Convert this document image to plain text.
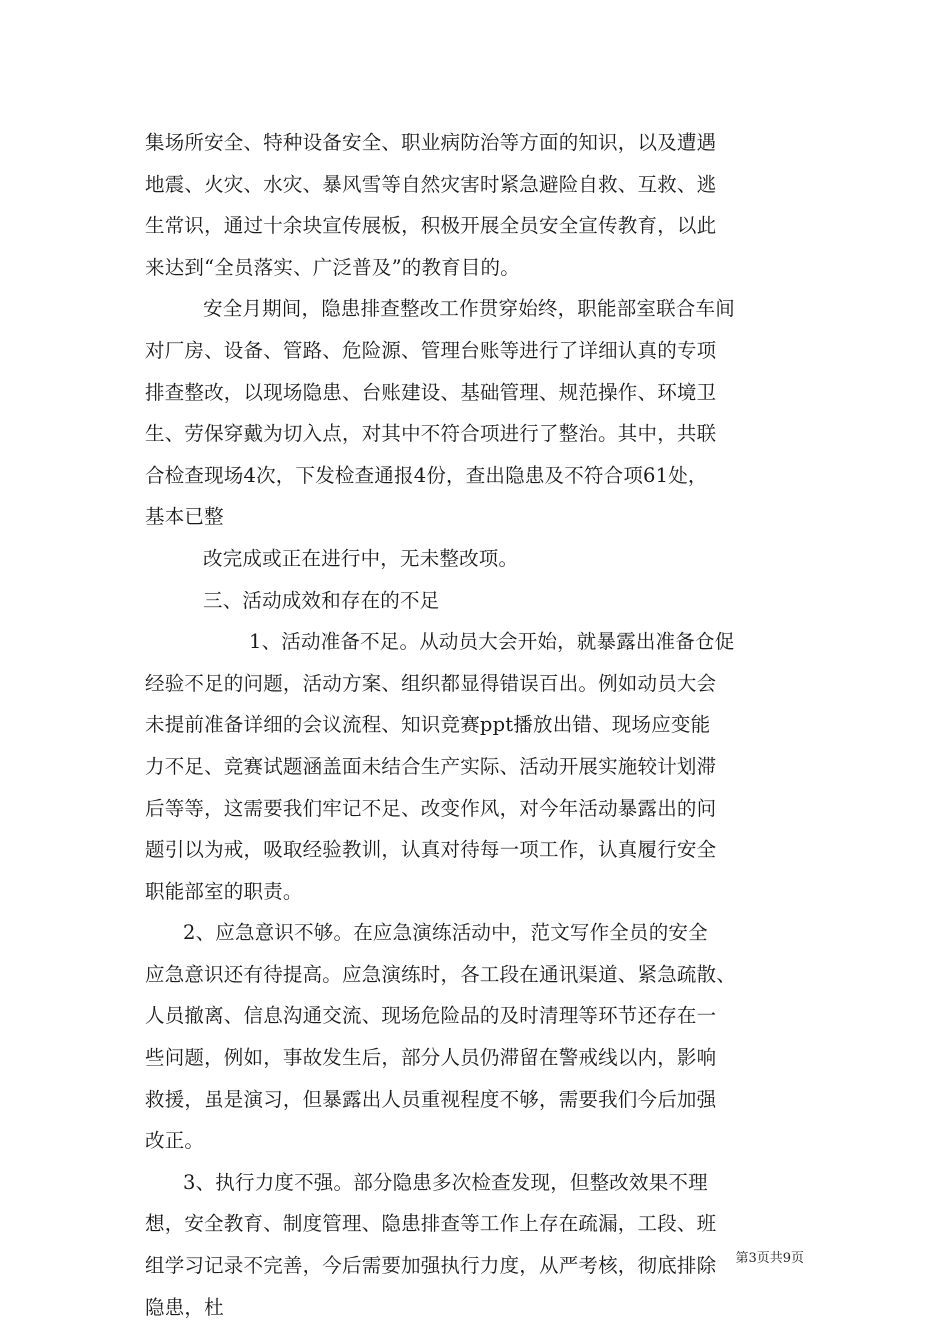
集场所安全、特种设备安全、职业病防治等方面的知识，以及遭遇
地震、火灾、水灾、暴风雪等自然灾害时紧急避险自救、互救、逃
生常识，通过十余块宣传展板，积极开展全员安全宣传教育，以此
来达到“全员落实、广泛普及”的教育目的。
安全月期间，隐患排查整改工作贯穿始终，职能部室联合车间
对厂房、设备、管路、危险源、管理台账等进行了详细认真的专项
排查整改，以现场隐患、台账建设、基础管理、规范操作、环境卫
生、劳保穿戴为切入点，对其中不符合项进行了整治。其中，共联
合检查现场4次，下发检查通报4份，查出隐患及不符合项61处，
基本已整
改完成或正在进行中，无未整改项。
三、活动成效和存在的不足
1、活动准备不足。从动员大会开始，就暴露出准备仓促
经验不足的问题，活动方案、组织都显得错误百出。例如动员大会
未提前准备详细的会议流程、知识竞赛ppt播放出错、现场应变能
力不足、竞赛试题涵盖面未结合生产实际、活动开展实施较计划滞
后等等，这需要我们牢记不足、改变作风，对今年活动暴露出的问
题引以为戒，吸取经验教训，认真对待每一项工作，认真履行安全
职能部室的职责。
2、应急意识不够。在应急演练活动中，范文写作全员的安全
应急意识还有待提高。应急演练时，各工段在通讯渠道、紧急疏散、
人员撤离、信息沟通交流、现场危险品的及时清理等环节还存在一
些问题，例如，事故发生后，部分人员仍滞留在警戒线以内，影响
救援，虽是演习，但暴露出人员重视程度不够，需要我们今后加强
改正。
3、执行力度不强。部分隐患多次检查发现，但整改效果不理
想，安全教育、制度管理、隐患排查等工作上存在疏漏，工段、班
组学习记录不完善，今后需要加强执行力度，从严考核，彻底排除
隐患，杜
第3页共9页
